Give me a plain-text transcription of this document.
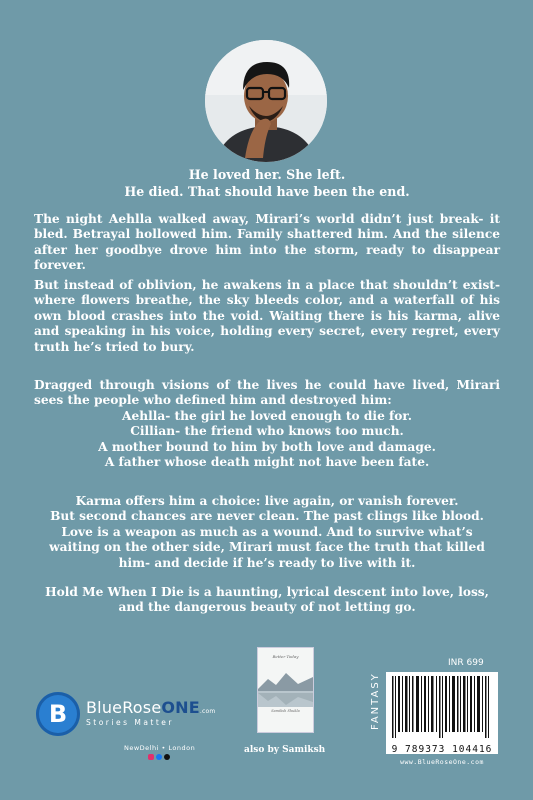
He loved her. She left.
He died. That should have been the end.

The night Aehlla walked away, Mirari’s world didn’t just break- it bled. Betrayal hollowed him. Family shattered him. And the silence after her goodbye drove him into the storm, ready to disappear forever.

But instead of oblivion, he awakens in a place that shouldn’t exist- where flowers breathe, the sky bleeds color, and a waterfall of his own blood crashes into the void. Waiting there is his karma, alive and speaking in his voice, holding every secret, every regret, every truth he’s tried to bury.

Dragged through visions of the lives he could have lived, Mirari sees the people who defined him and destroyed him:
Aehlla- the girl he loved enough to die for.
Cillian- the friend who knows too much.
A mother bound to him by both love and damage.
A father whose death might not have been fate.
Karma offers him a choice: live again, or vanish forever.
But second chances are never clean. The past clings like blood. Love is a weapon as much as a wound. And to survive what’s waiting on the other side, Mirari must face the truth that killed him- and decide if he’s ready to live with it.

Hold Me When I Die is a haunting, lyrical descent into love, loss, and the dangerous beauty of not letting go.

B BlueRoseONE.com
Stories Matter
NewDelhi • London

Better Today
Samiksh Shukla
also by Samiksh
INR 699
FANTASY
9 789373 104416
www.BlueRoseOne.com
